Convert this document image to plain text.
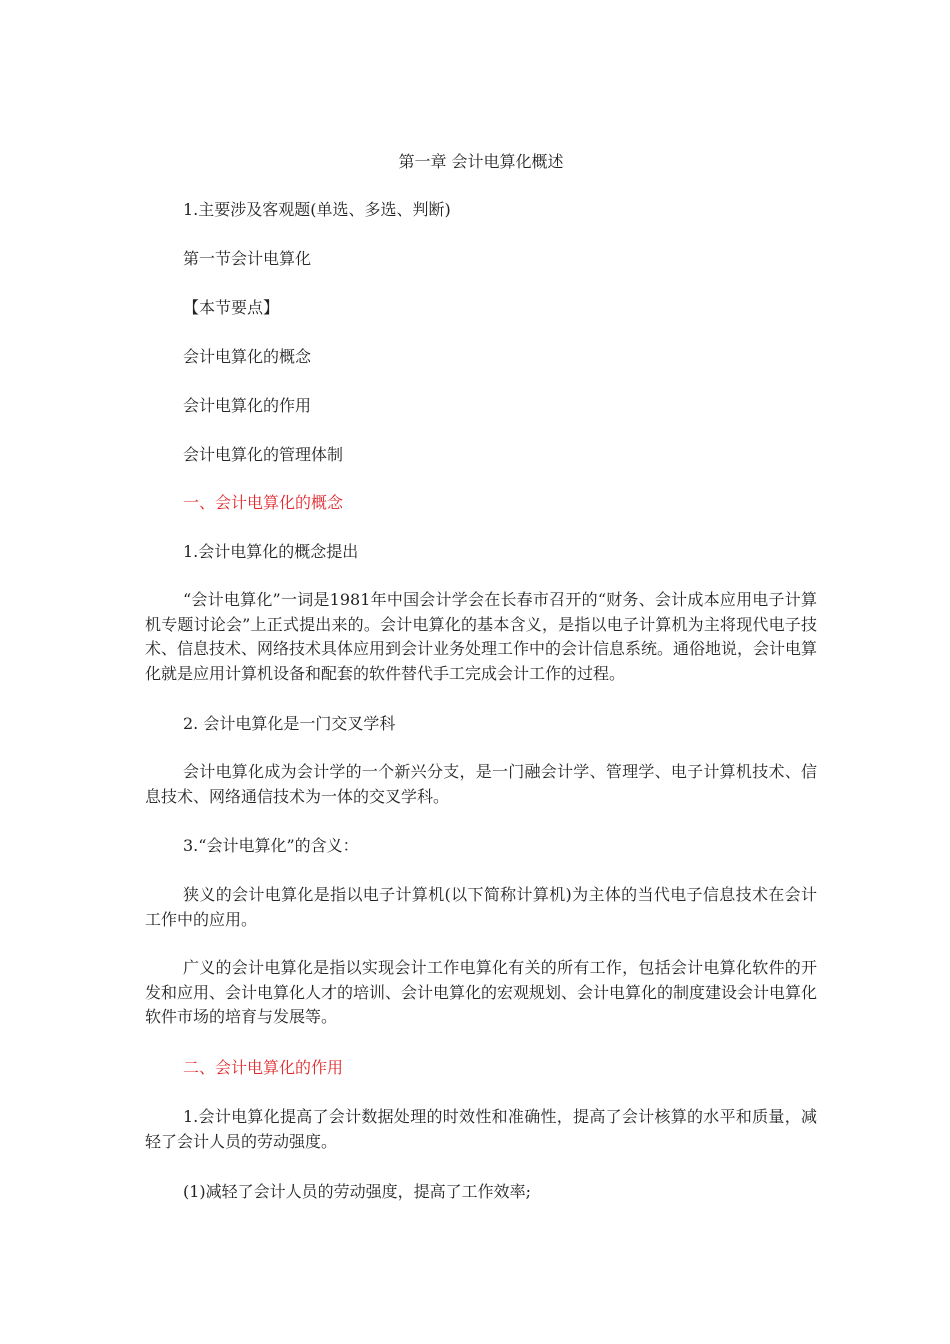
第一章 会计电算化概述

1.主要涉及客观题(单选、多选、判断)

第一节会计电算化

【本节要点】

会计电算化的概念

会计电算化的作用

会计电算化的管理体制

一、会计电算化的概念

1.会计电算化的概念提出

“会计电算化”一词是1981年中国会计学会在长春市召开的“财务、会计成本应用电子计算机专题讨论会”上正式提出来的。会计电算化的基本含义，是指以电子计算机为主将现代电子技术、信息技术、网络技术具体应用到会计业务处理工作中的会计信息系统。通俗地说，会计电算化就是应用计算机设备和配套的软件替代手工完成会计工作的过程。

2. 会计电算化是一门交叉学科

会计电算化成为会计学的一个新兴分支，是一门融会计学、管理学、电子计算机技术、信息技术、网络通信技术为一体的交叉学科。

3.“会计电算化”的含义：

狭义的会计电算化是指以电子计算机(以下简称计算机)为主体的当代电子信息技术在会计工作中的应用。

广义的会计电算化是指以实现会计工作电算化有关的所有工作，包括会计电算化软件的开发和应用、会计电算化人才的培训、会计电算化的宏观规划、会计电算化的制度建设会计电算化软件市场的培育与发展等。

二、会计电算化的作用

1.会计电算化提高了会计数据处理的时效性和准确性，提高了会计核算的水平和质量，减轻了会计人员的劳动强度。

(1)减轻了会计人员的劳动强度，提高了工作效率;
